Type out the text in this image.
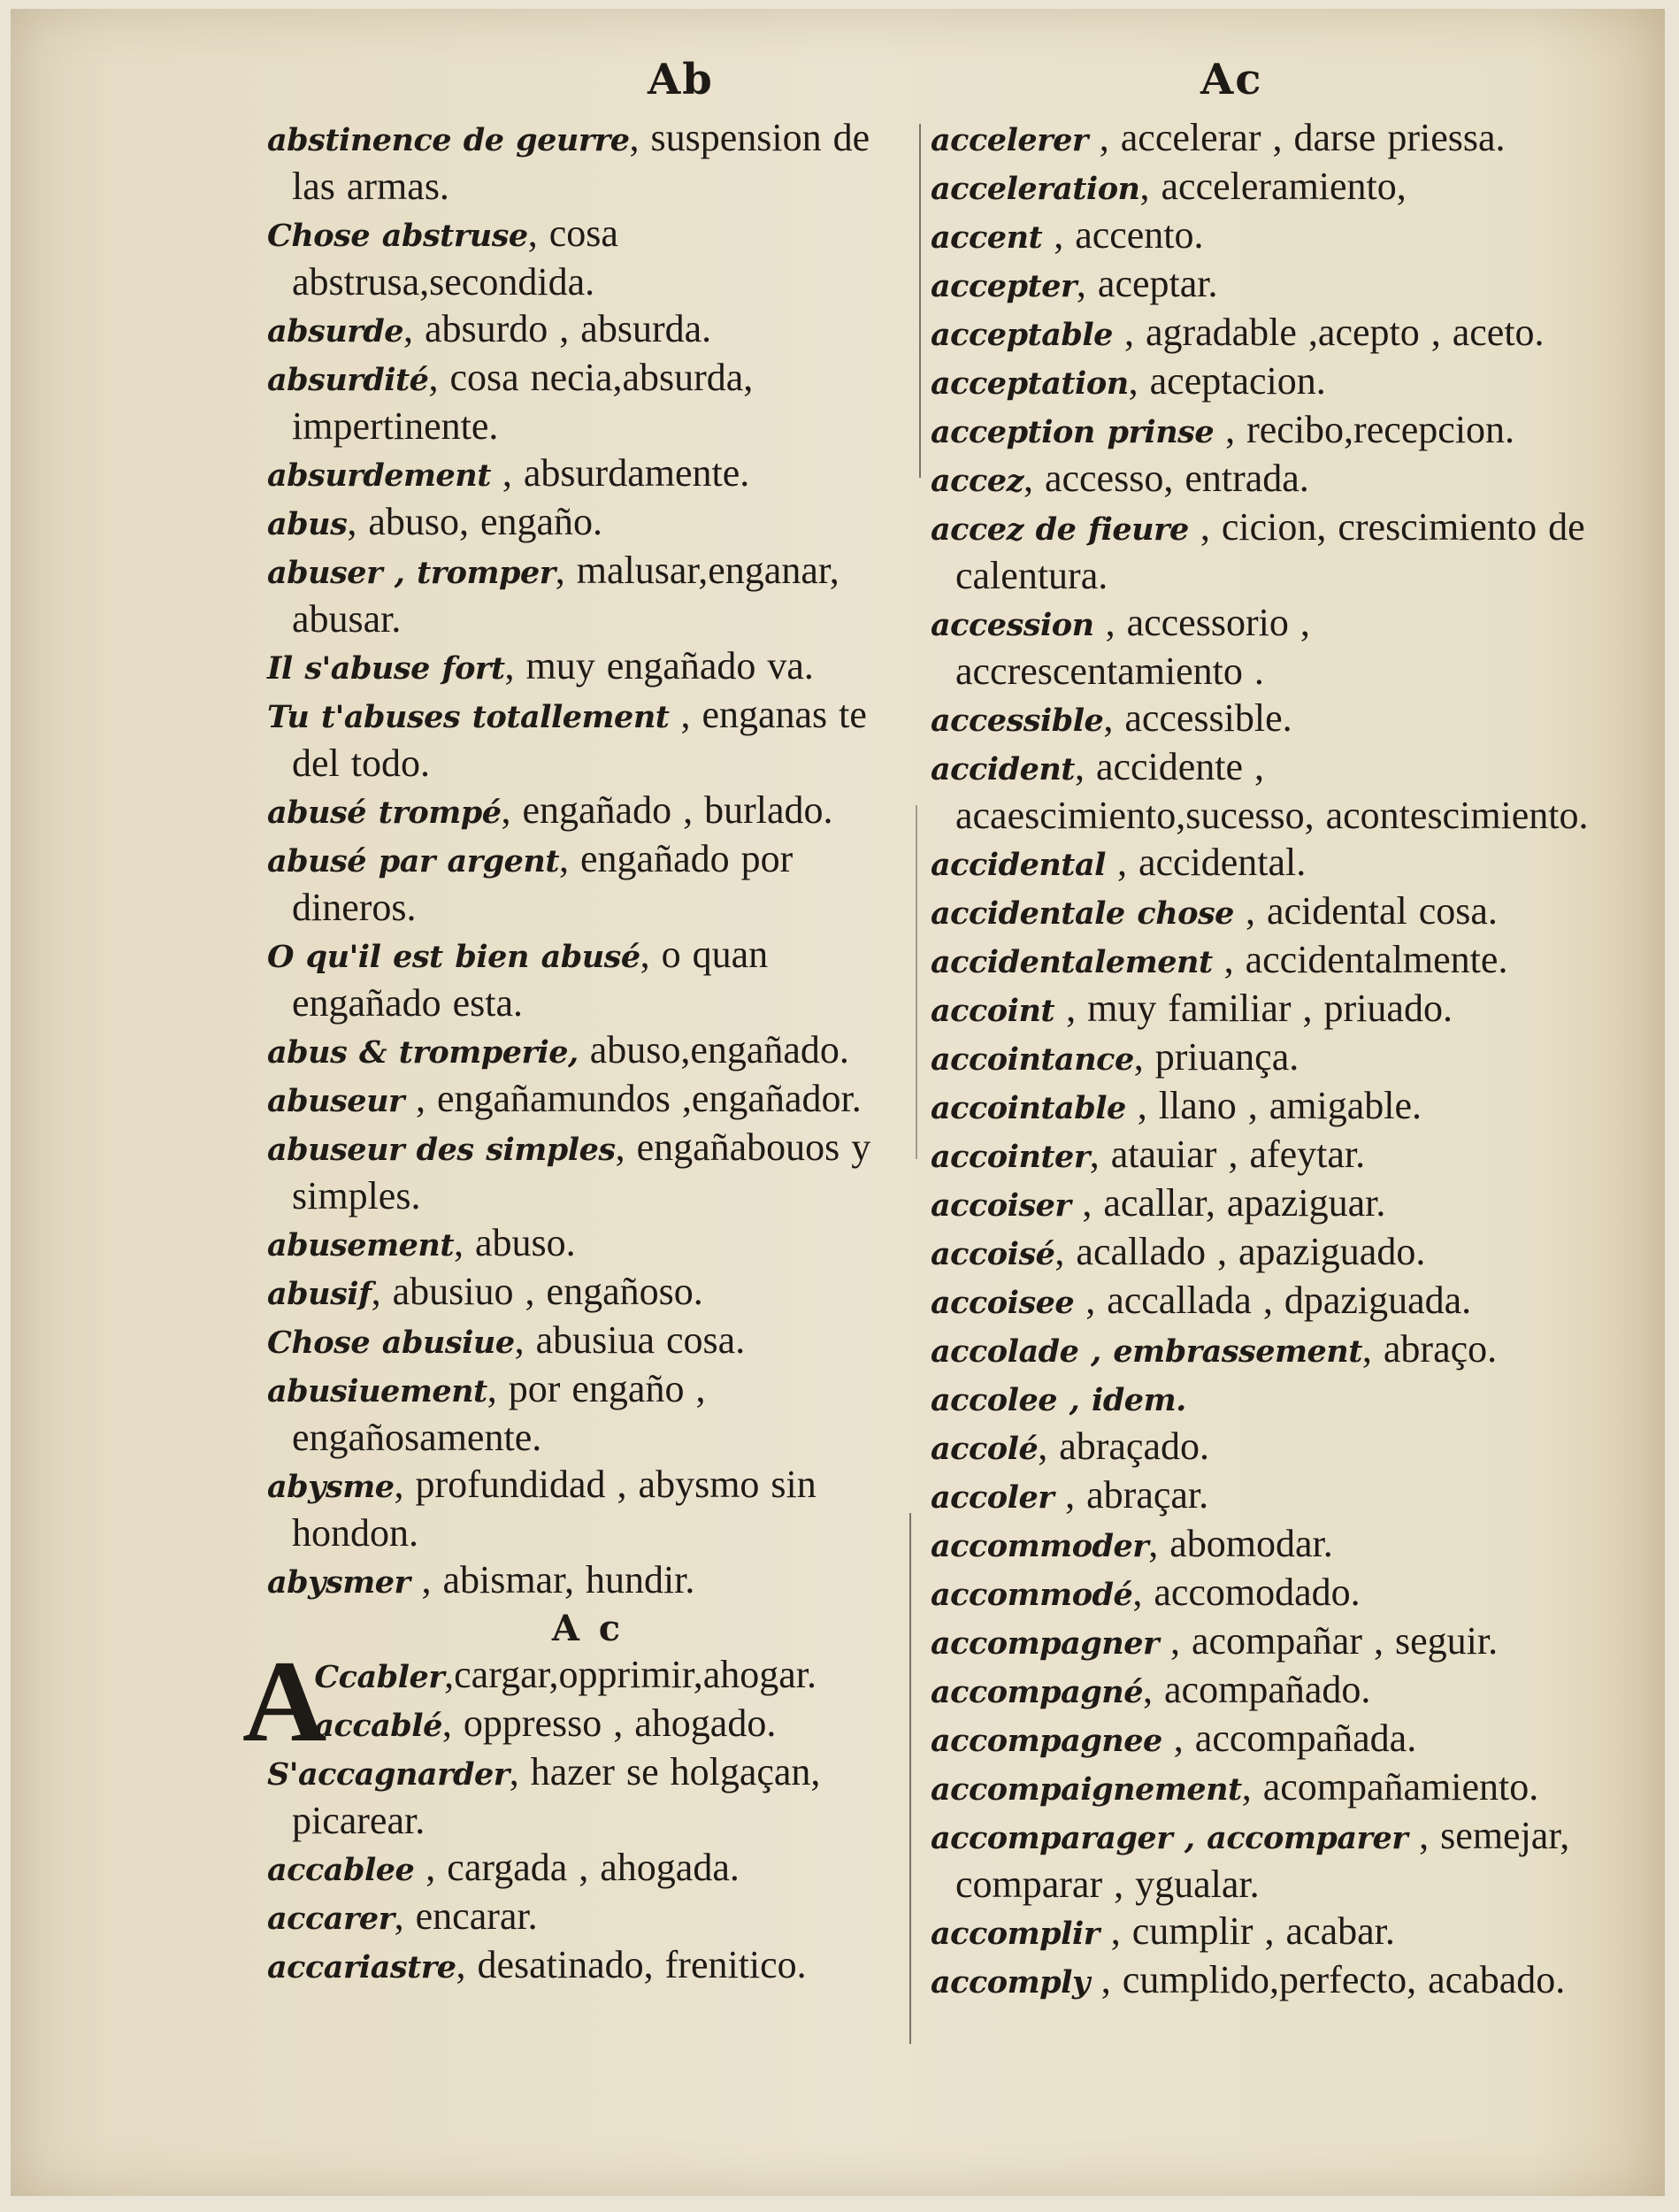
Ab	Ac
abstinence de geurre, suspension de las armas.
Chose abstruse, cosa abstrusa,secondida.
absurde, absurdo , absurda.
absurdité, cosa necia,absurda, impertinente.
absurdement , absurdamente.
abus, abuso, engaño.
abuser , tromper, malusar,enganar, abusar.
Il s'abuse fort, muy engañado va.
Tu t'abuses totallement , enganas te del todo.
abusé trompé, engañado , burlado.
abusé par argent, engañado por dineros.
O qu'il est bien abusé, o quan engañado esta.
abus & tromperie, abuso,engañado.
abuseur , engañamundos ,engañador.
abuseur des simples, engañabouos y simples.
abusement, abuso.
abusif, abusiuo , engañoso.
Chose abusiue, abusiua cosa.
abusiuement, por engaño , engañosamente.
abysme, profundidad , abysmo sin hondon.
abysmer , abismar, hundir.
A c
A
Ccabler,cargar,opprimir,ahogar.
accablé, oppresso , ahogado.
S'accagnarder, hazer se holgaçan, picarear.
accablee , cargada , ahogada.
accarer, encarar.
accariastre, desatinado, frenitico.
accelerer , accelerar , darse priessa.
acceleration, acceleramiento,
accent , accento.
accepter, aceptar.
acceptable , agradable ,acepto , aceto.
acceptation, aceptacion.
acception prinse , recibo,recepcion.
accez, accesso, entrada.
accez de fieure , cicion, crescimiento de calentura.
accession , accessorio , accrescentamiento .
accessible, accessible.
accident, accidente , acaescimiento,sucesso, acontescimiento.
accidental , accidental.
accidentale chose , acidental cosa.
accidentalement , accidentalmente.
accoint , muy familiar , priuado.
accointance, priuança.
accointable , llano , amigable.
accointer, atauiar , afeytar.
accoiser , acallar, apaziguar.
accoisé, acallado , apaziguado.
accoisee , accallada , dpaziguada.
accolade , embrassement, abraço.
accolee , idem.
accolé, abraçado.
accoler , abraçar.
accommoder, abomodar.
accommodé, accomodado.
accompagner , acompañar , seguir.
accompagné, acompañado.
accompagnee , accompañada.
accompaignement, acompañamiento.
accomparager , accomparer , semejar, comparar , ygualar.
accomplir , cumplir , acabar.
accomply , cumplido,perfecto, acabado.
